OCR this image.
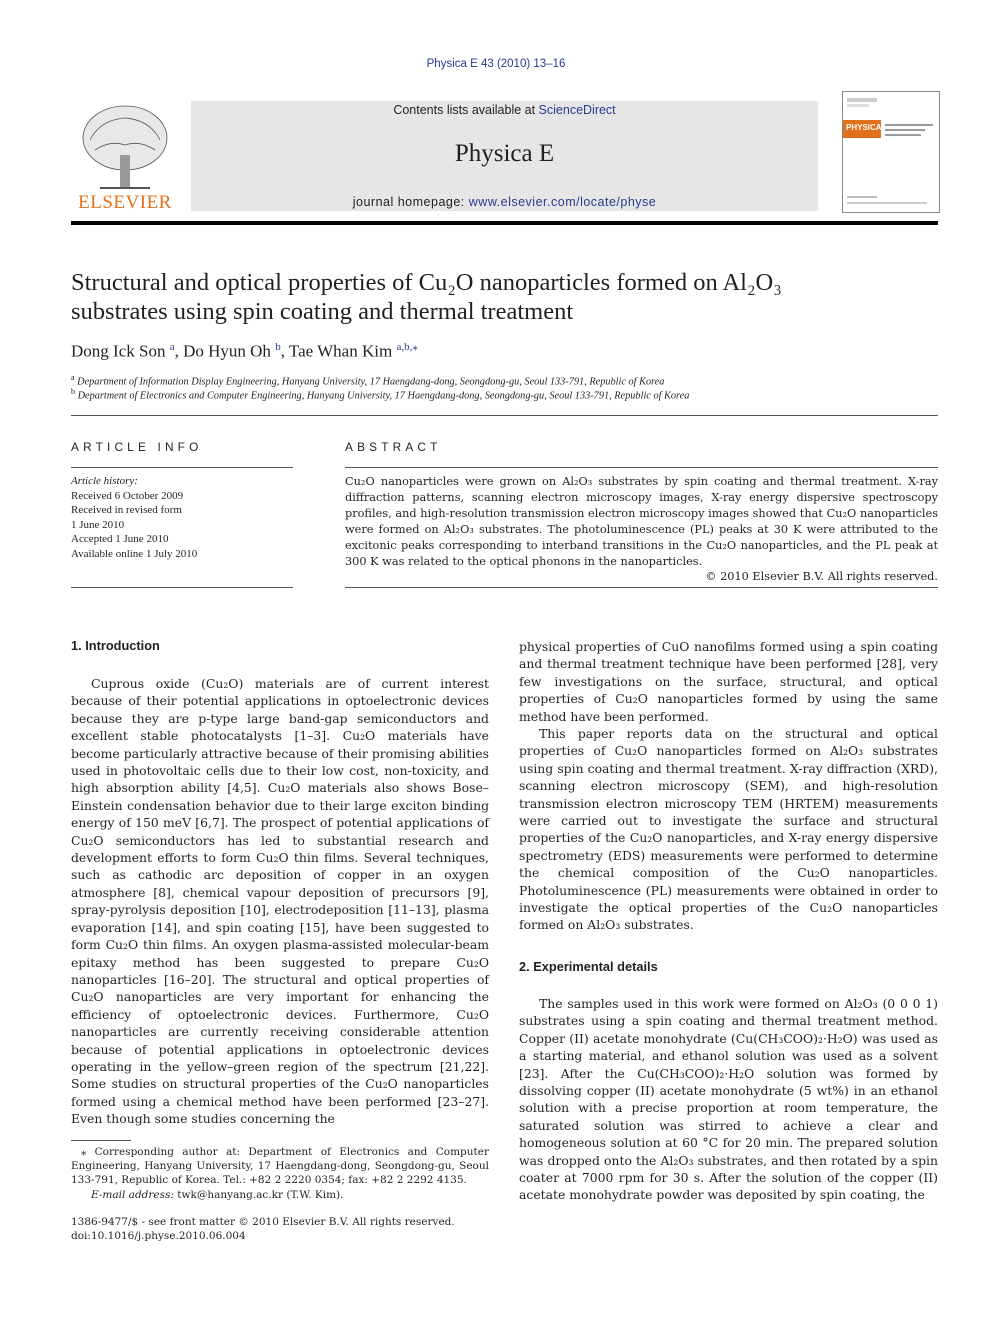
Physica E 43 (2010) 13–16
ELSEVIER
Contents lists available at ScienceDirect
Physica E
journal homepage: www.elsevier.com/locate/physe
PHYSICA
Structural and optical properties of Cu₂O nanoparticles formed on Al₂O₃
substrates using spin coating and thermal treatment
Dong Ick Son $^a$, Do Hyun Oh $^b$, Tae Whan Kim $^{a,b,⁎}$
$^a$ Department of Information Display Engineering, Hanyang University, 17 Haengdang-dong, Seongdong-gu, Seoul 133-791, Republic of Korea
$^b$ Department of Electronics and Computer Engineering, Hanyang University, 17 Haengdang-dong, Seongdong-gu, Seoul 133-791, Republic of Korea
ARTICLE INFO
Article history:
Received 6 October 2009
Received in revised form
1 June 2010
Accepted 1 June 2010
Available online 1 July 2010
ABSTRACT
Cu₂O nanoparticles were grown on Al₂O₃ substrates by spin coating and thermal treatment. X-ray diffraction patterns, scanning electron microscopy images, X-ray energy dispersive spectroscopy profiles, and high-resolution transmission electron microscopy images showed that Cu₂O nanoparticles were formed on Al₂O₃ substrates. The photoluminescence (PL) peaks at 30 K were attributed to the excitonic peaks corresponding to interband transitions in the Cu₂O nanoparticles, and the PL peak at 300 K was related to the optical phonons in the nanoparticles.
© 2010 Elsevier B.V. All rights reserved.
1. Introduction
Cuprous oxide (Cu₂O) materials are of current interest because of their potential applications in optoelectronic devices because they are p-type large band-gap semiconductors and excellent stable photocatalysts [1–3]. Cu₂O materials have become particularly attractive because of their promising abilities used in photovoltaic cells due to their low cost, non-toxicity, and high absorption ability [4,5]. Cu₂O materials also shows Bose–Einstein condensation behavior due to their large exciton binding energy of 150 meV [6,7]. The prospect of potential applications of Cu₂O semiconductors has led to substantial research and development efforts to form Cu₂O thin films. Several techniques, such as cathodic arc deposition of copper in an oxygen atmosphere [8], chemical vapour deposition of precursors [9], spray-pyrolysis deposition [10], electrodeposition [11–13], plasma evaporation [14], and spin coating [15], have been suggested to form Cu₂O thin films. An oxygen plasma-assisted molecular-beam epitaxy method has been suggested to prepare Cu₂O nanoparticles [16–20]. The structural and optical properties of Cu₂O nanoparticles are very important for enhancing the efficiency of optoelectronic devices. Furthermore, Cu₂O nanoparticles are currently receiving considerable attention because of potential applications in optoelectronic devices operating in the yellow–green region of the spectrum [21,22]. Some studies on structural properties of the Cu₂O nanoparticles formed using a chemical method have been performed [23–27]. Even though some studies concerning the
⁎ Corresponding author at: Department of Electronics and Computer Engineering, Hanyang University, 17 Haengdang-dong, Seongdong-gu, Seoul 133-791, Republic of Korea. Tel.: +82 2 2220 0354; fax: +82 2 2292 4135.
E-mail address: twk@hanyang.ac.kr (T.W. Kim).
1386-9477/$ - see front matter © 2010 Elsevier B.V. All rights reserved.
doi:10.1016/j.physe.2010.06.004
physical properties of CuO nanofilms formed using a spin coating and thermal treatment technique have been performed [28], very few investigations on the surface, structural, and optical properties of Cu₂O nanoparticles formed by using the same method have been performed.
This paper reports data on the structural and optical properties of Cu₂O nanoparticles formed on Al₂O₃ substrates using spin coating and thermal treatment. X-ray diffraction (XRD), scanning electron microscopy (SEM), and high-resolution transmission electron microscopy TEM (HRTEM) measurements were carried out to investigate the surface and structural properties of the Cu₂O nanoparticles, and X-ray energy dispersive spectrometry (EDS) measurements were performed to determine the chemical composition of the Cu₂O nanoparticles. Photoluminescence (PL) measurements were obtained in order to investigate the optical properties of the Cu₂O nanoparticles formed on Al₂O₃ substrates.
2. Experimental details
The samples used in this work were formed on Al₂O₃ (0 0 0 1) substrates using a spin coating and thermal treatment method. Copper (II) acetate monohydrate (Cu(CH₃COO)₂·H₂O) was used as a starting material, and ethanol solution was used as a solvent [23]. After the Cu(CH₃COO)₂·H₂O solution was formed by dissolving copper (II) acetate monohydrate (5 wt%) in an ethanol solution with a precise proportion at room temperature, the saturated solution was stirred to achieve a clear and homogeneous solution at 60 °C for 20 min. The prepared solution was dropped onto the Al₂O₃ substrates, and then rotated by a spin coater at 7000 rpm for 30 s. After the solution of the copper (II) acetate monohydrate powder was deposited by spin coating, the
